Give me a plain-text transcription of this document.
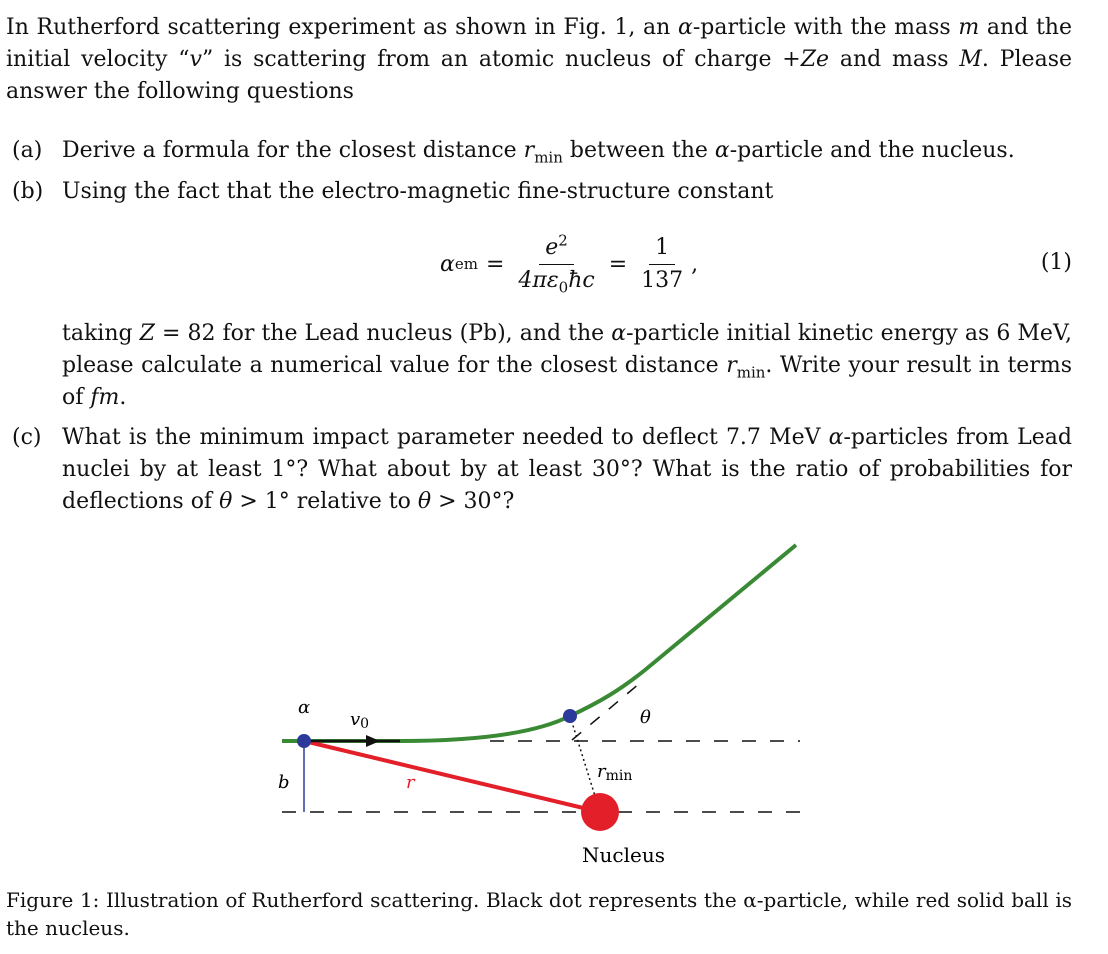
In Rutherford scattering experiment as shown in Fig. 1, an α-particle with the mass m and the initial velocity “v” is scattering from an atomic nucleus of charge +Ze and mass M. Please answer the following questions
(a) Derive a formula for the closest distance $r_{min}$ between the α-particle and the nucleus.
(b) Using the fact that the electro-magnetic fine-structure constant
α em = $\frac{e^2}{4\pi\varepsilon_0ħc} = \frac{1}{137}$ ,	(1)
taking Z = 82 for the Lead nucleus (Pb), and the α-particle initial kinetic energy as 6 MeV, please calculate a numerical value for the closest distance $r_{min}$. Write your result in terms of fm.
(c) What is the minimum impact parameter needed to deflect 7.7 MeV α-particles from Lead nuclei by at least 1°? What about by at least 30°? What is the ratio of probabilities for deflections of θ > 1° relative to θ > 30°?
α
v0
b	r
rmin
θ
Nucleus
Figure 1: Illustration of Rutherford scattering. Black dot represents the α-particle, while red solid ball is the nucleus.
